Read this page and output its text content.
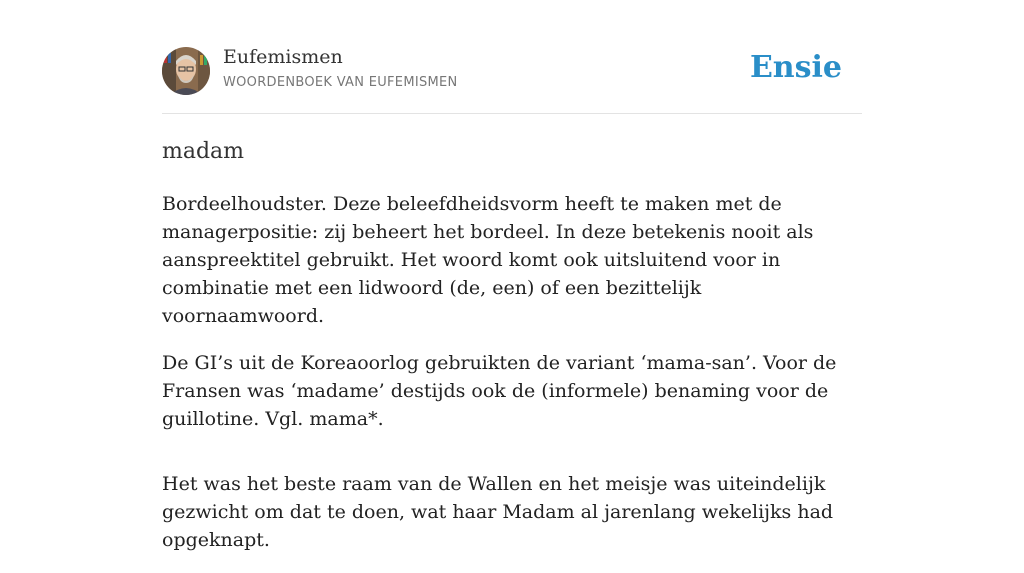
Eufemismen
WOORDENBOEK VAN EUFEMISMEN	Ensie
madam

Bordeelhoudster. Deze beleefdheidsvorm heeft te maken met de managerpositie: zij beheert het bordeel. In deze betekenis nooit als aanspreektitel gebruikt. Het woord komt ook uitsluitend voor in combinatie met een lidwoord (de, een) of een bezittelijk voornaamwoord.

De GI’s uit de Koreaoorlog gebruikten de variant ‘mama-san’. Voor de Fransen was ‘madame’ destijds ook de (informele) benaming voor de guillotine. Vgl. mama*.

Het was het beste raam van de Wallen en het meisje was uiteindelijk gezwicht om dat te doen, wat haar Madam al jarenlang wekelijks had opgeknapt.
